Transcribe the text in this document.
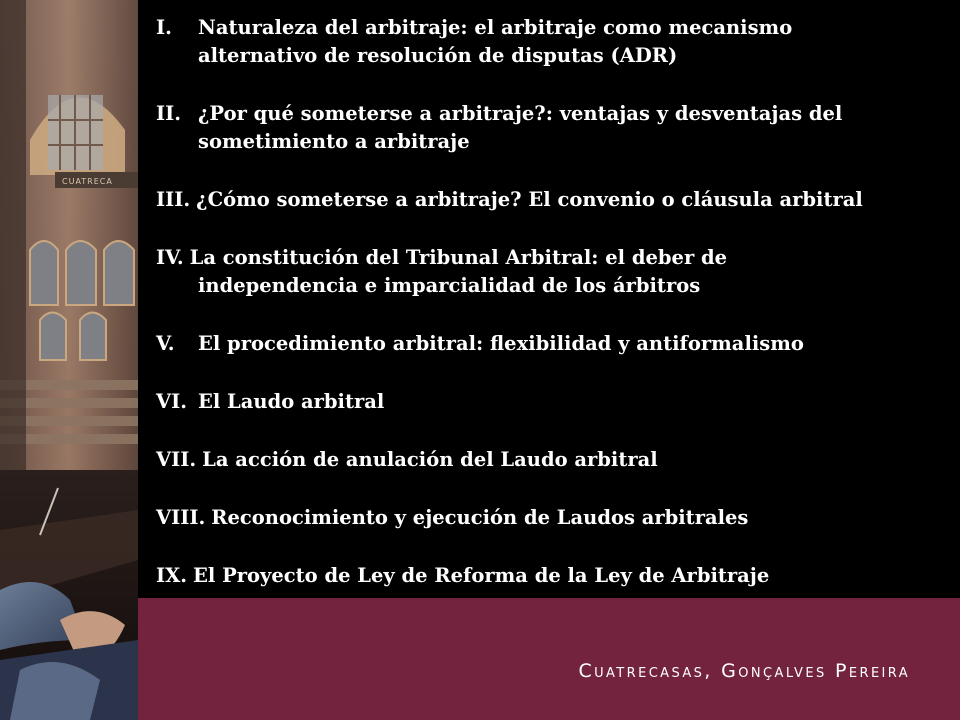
CUATRECA
I. Naturaleza del arbitraje: el arbitraje como mecanismo
alternativo de resolución de disputas (ADR)
II. ¿Por qué someterse a arbitraje?: ventajas y desventajas del
sometimiento a arbitraje
III. ¿Cómo someterse a arbitraje? El convenio o cláusula arbitral
IV. La constitución del Tribunal Arbitral: el deber de
independencia e imparcialidad de los árbitros
V. El procedimiento arbitral: flexibilidad y antiformalismo
VI. El Laudo arbitral
VII. La acción de anulación del Laudo arbitral
VIII. Reconocimiento y ejecución de Laudos arbitrales
IX. El Proyecto de Ley de Reforma de la Ley de Arbitraje
Cuatrecasas, Gonçalves Pereira
